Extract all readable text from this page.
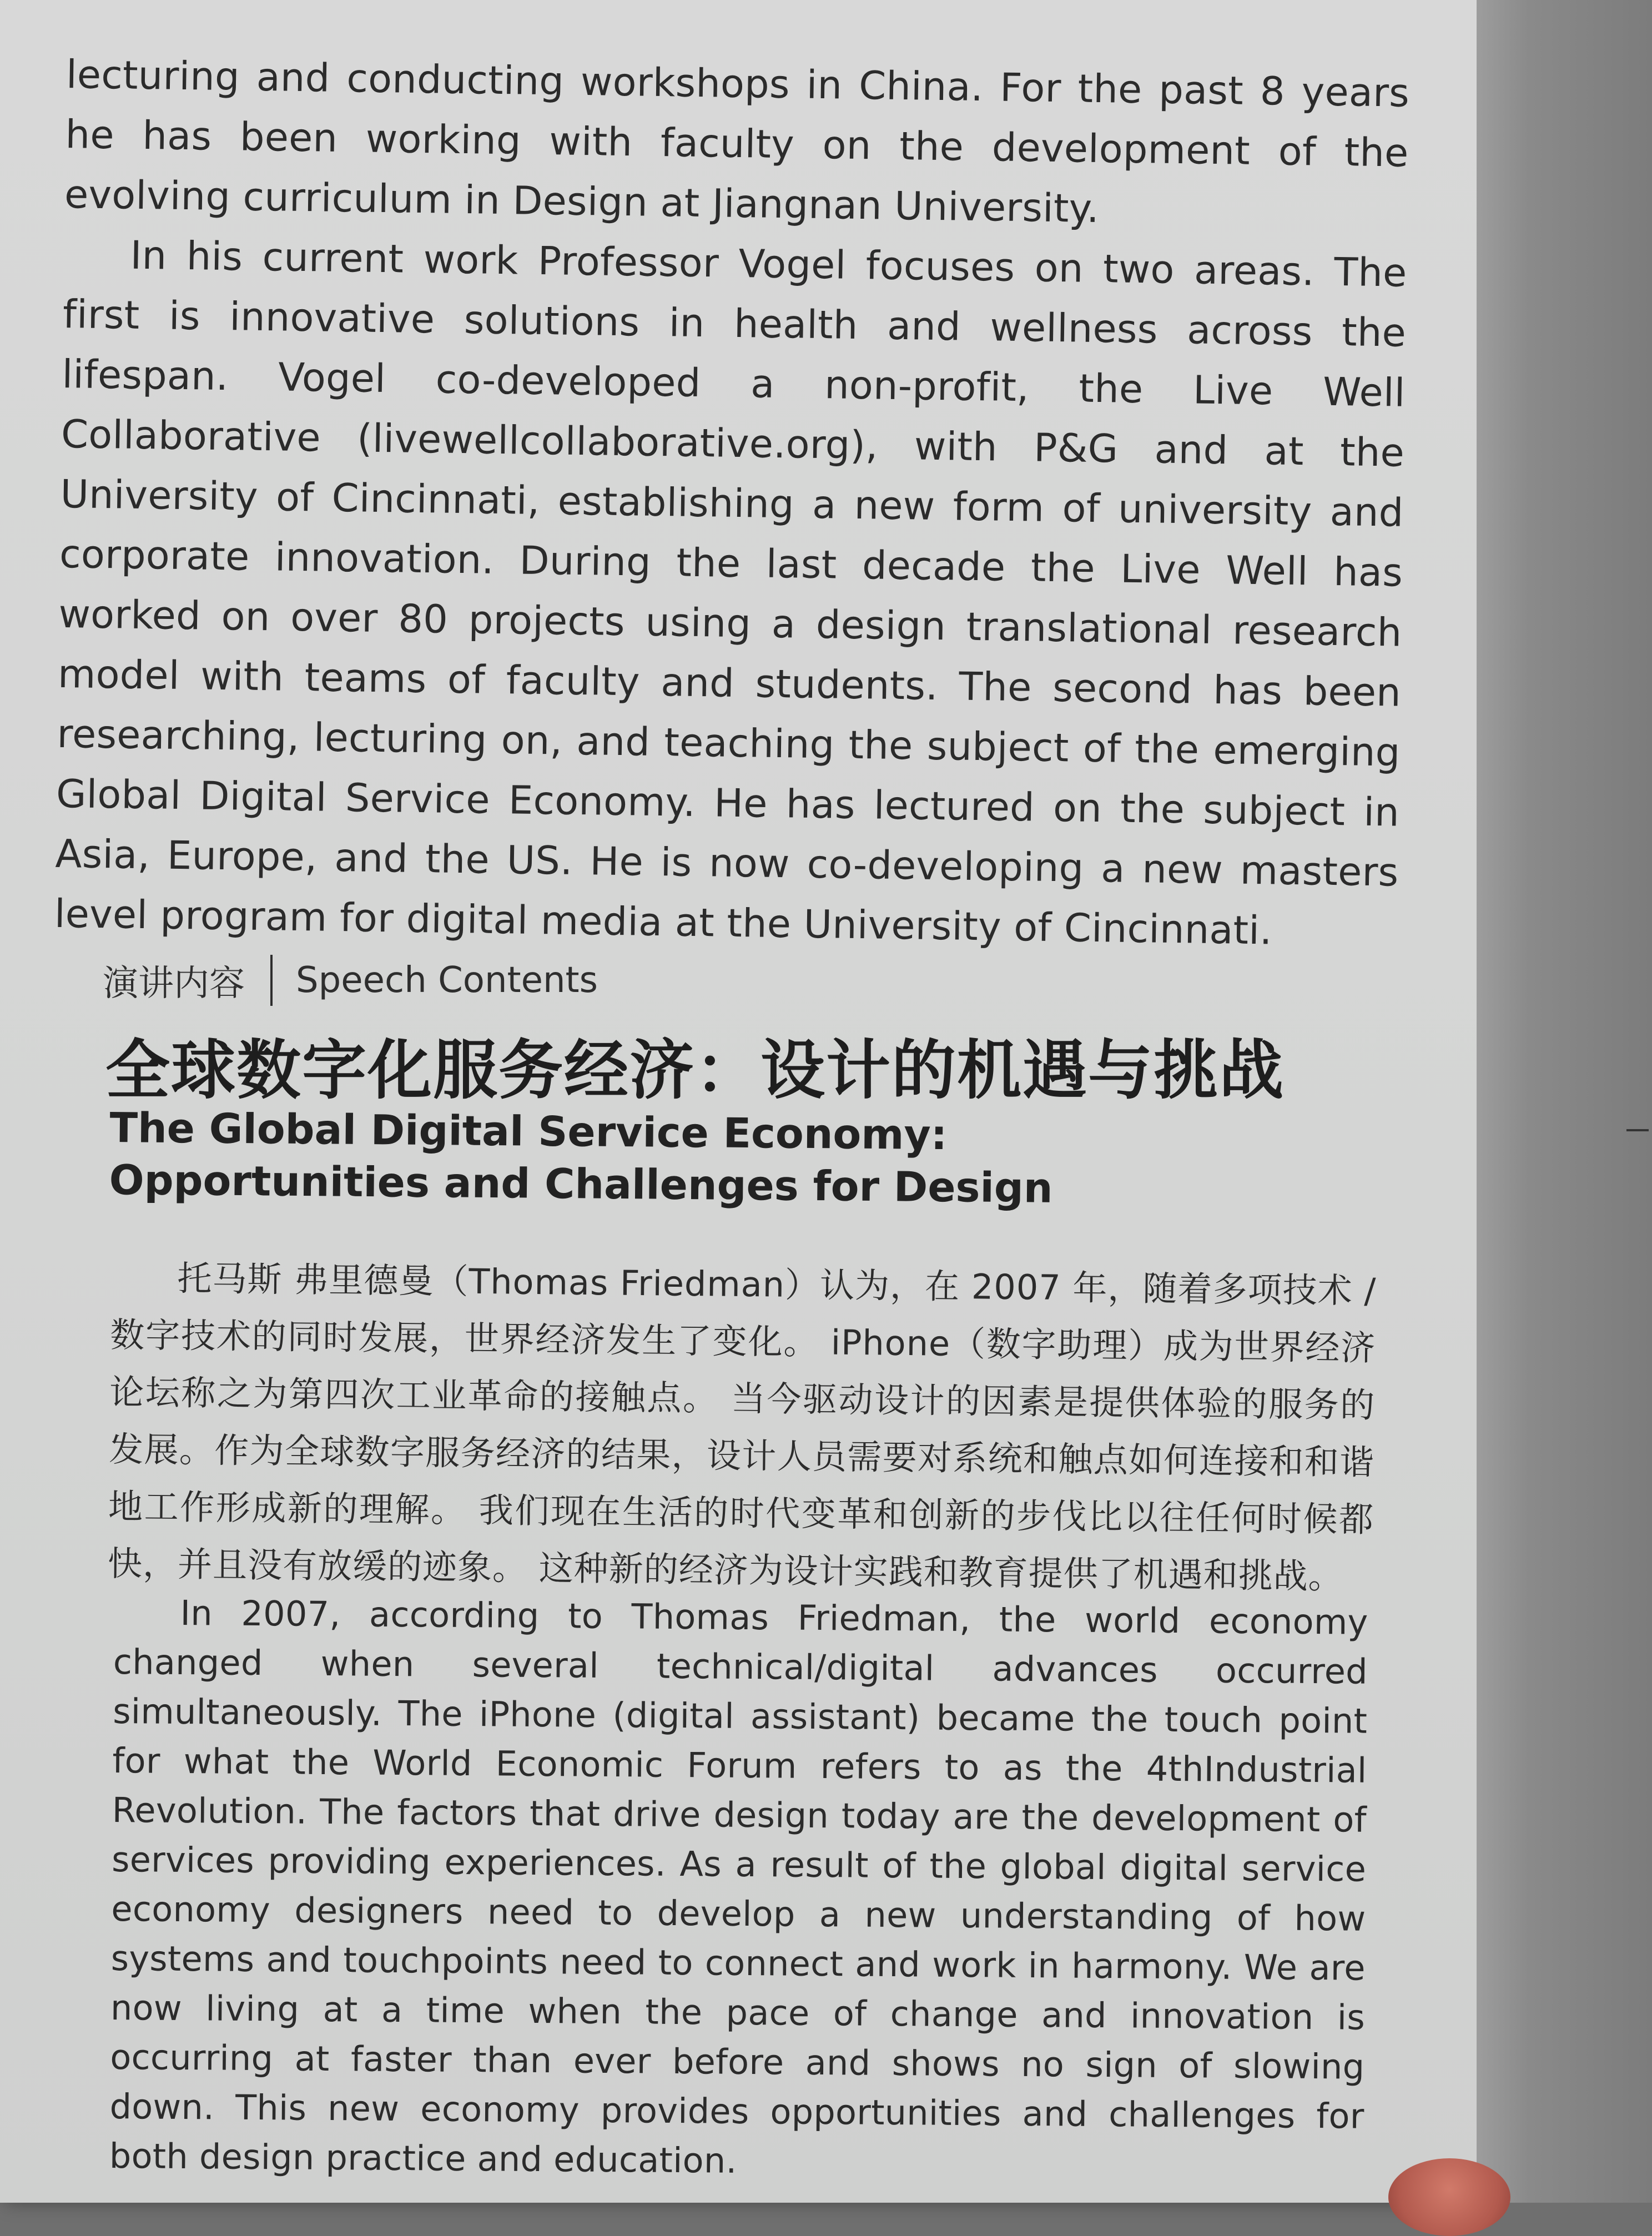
lecturing and conducting workshops in China. For the past 8 years he has been working with faculty on the development of the evolving curriculum in Design at Jiangnan University.

In his current work Professor Vogel focuses on two areas. The first is innovative solutions in health and wellness across the lifespan. Vogel co-developed a non-profit, the Live Well Collaborative (livewellcollaborative.org), with P&G and at the University of Cincinnati, establishing a new form of university and corporate innovation. During the last decade the Live Well has worked on over 80 projects using a design translational research model with teams of faculty and students. The second has been researching, lecturing on, and teaching the subject of the emerging Global Digital Service Economy. He has lectured on the subject in Asia, Europe, and the US. He is now co-developing a new masters level program for digital media at the University of Cincinnati.

演讲内容 Speech Contents
全球数字化服务经济：设计的机遇与挑战
The Global Digital Service Economy:
Opportunities and Challenges for Design

托马斯 弗里德曼（Thomas Friedman）认为，在 2007 年，随着多项技术 / 数字技术的同时发展，世界经济发生了变化。 iPhone（数字助理）成为世界经济论坛称之为第四次工业革命的接触点。 当今驱动设计的因素是提供体验的服务的发展。作为全球数字服务经济的结果，设计人员需要对系统和触点如何连接和和谐地工作形成新的理解。 我们现在生活的时代变革和创新的步伐比以往任何时候都快，并且没有放缓的迹象。 这种新的经济为设计实践和教育提供了机遇和挑战。

In 2007, according to Thomas Friedman, the world economy changed when several technical/digital advances occurred simultaneously. The iPhone (digital assistant) became the touch point for what the World Economic Forum refers to as the 4thIndustrial Revolution. The factors that drive design today are the development of services providing experiences. As a result of the global digital service economy designers need to develop a new understanding of how systems and touchpoints need to connect and work in harmony. We are now living at a time when the pace of change and innovation is occurring at faster than ever before and shows no sign of slowing down. This new economy provides opportunities and challenges for both design practice and education.
